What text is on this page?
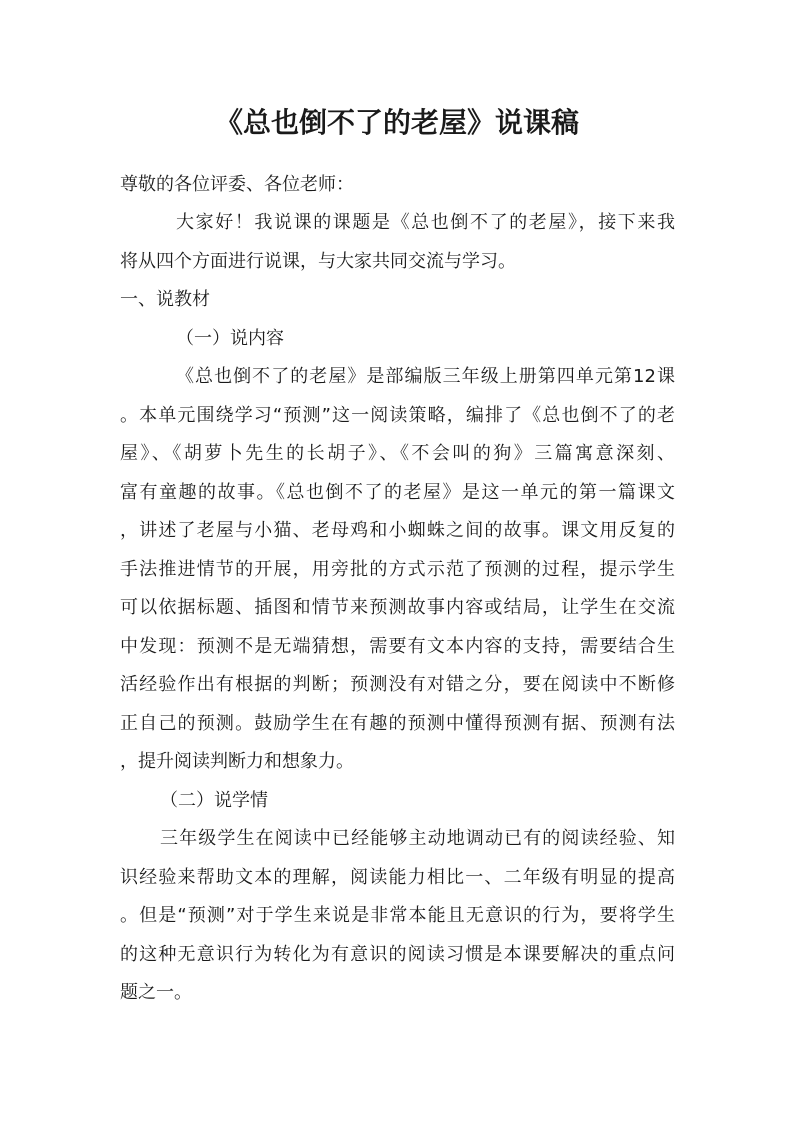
《总也倒不了的老屋》说课稿

尊敬的各位评委、各位老师：

大家好！我说课的课题是《总也倒不了的老屋》，接下来我

将从四个方面进行说课，与大家共同交流与学习。

一、说教材

（一）说内容

《总也倒不了的老屋》是部编版三年级上册第四单元第12课

。本单元围绕学习“预测”这一阅读策略，编排了《总也倒不了的老

屋》、《胡萝卜先生的长胡子》、《不会叫的狗》三篇寓意深刻、

富有童趣的故事。《总也倒不了的老屋》是这一单元的第一篇课文

，讲述了老屋与小猫、老母鸡和小蜘蛛之间的故事。课文用反复的

手法推进情节的开展，用旁批的方式示范了预测的过程，提示学生

可以依据标题、插图和情节来预测故事内容或结局，让学生在交流

中发现：预测不是无端猜想，需要有文本内容的支持，需要结合生

活经验作出有根据的判断；预测没有对错之分，要在阅读中不断修

正自己的预测。鼓励学生在有趣的预测中懂得预测有据、预测有法

，提升阅读判断力和想象力。

（二）说学情

三年级学生在阅读中已经能够主动地调动已有的阅读经验、知

识经验来帮助文本的理解，阅读能力相比一、二年级有明显的提高

。但是“预测”对于学生来说是非常本能且无意识的行为，要将学生

的这种无意识行为转化为有意识的阅读习惯是本课要解决的重点问

题之一。
